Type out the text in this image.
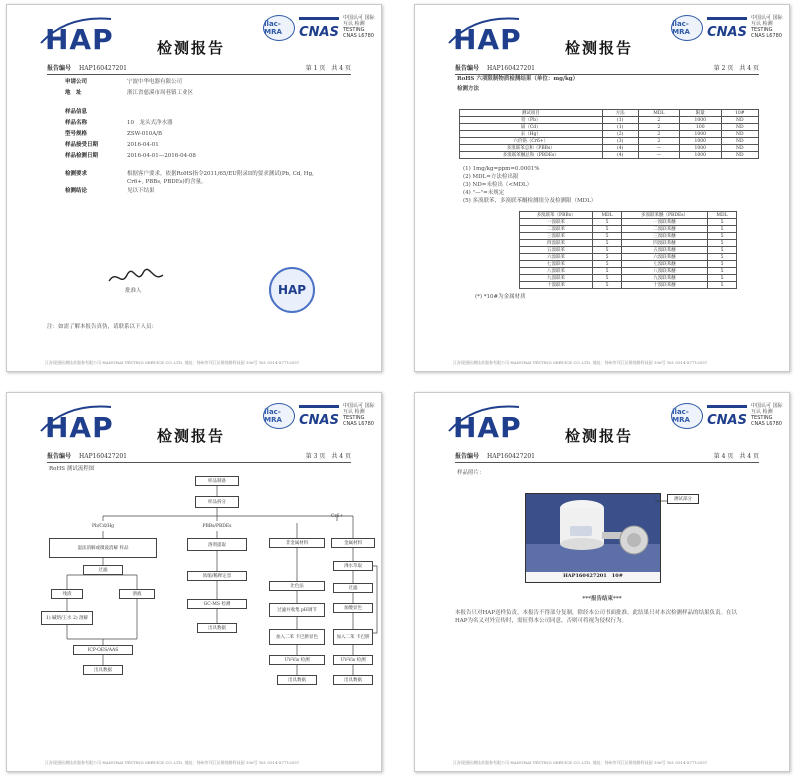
HAP	检测报告
ilac-MRA	CNAS
中国认可 国际互认 检测 TESTING CNAS L6780
报告编号 HAP160427201	第 1 页　共 4 页
申请公司	宁波中华电器有限公司
地　址	浙江省慈溪市周巷镇工业区
样品信息
样品名称	10　龙头式净水器
型号规格	ZSW-010A/B
样品接受日期	2016-04-01
样品检测日期	2016-04-01—2016-04-08
检测要求	根据客户要求，依据RoHS指令2011/65/EU附录II的要求测试(Pb, Cd, Hg, Cr6+, PBBs, PBDEs)的含量。
检测结论	见以下结果
批准人	HAP
注：如需了解本报告真伪，请联系以下人员：
江苏现通检测技术服务有限公司 HANGHAI TESTING SERVICE CO.,LTD. 地址：扬州市邗江区维扬路科技园 106号 Tel: 0514-87712057
HAP	检测报告
ilac-MRA	CNAS
中国认可 国际互认 检测 TESTING CNAS L6780
报告编号 HAP160427201	第 2 页　共 4 页
RoHS 六项限制物质检测结果（单位：mg/kg）
检测方法
测试项目	方法	MDL	限量	10#
铅（Pb）	(1)	2	1000	ND
镉（Cd）	(1)	2	100	ND
汞（Hg）	(2)	2	1000	ND
六价铬（Cr6+）	(3)	2	1000	ND
多溴联苯总和（PBBs）	(4)	—	1000	ND
多溴联苯醚总和（PBDEs）	(4)	—	1000	ND
(1) 1mg/kg=ppm=0.0001%
(2) MDL=方法检出限
(3) ND=未检出（<MDL）
(4) "—"=未规定
(5) 多溴联苯、多溴联苯醚检测组分及检测限（MDL）
多溴联苯（PBBs）	MDL	多溴联苯醚（PBDEs）	MDL
一溴联苯	5	一溴联苯醚	5
二溴联苯	5	二溴联苯醚	5
三溴联苯	5	三溴联苯醚	5
四溴联苯	5	四溴联苯醚	5
五溴联苯	5	五溴联苯醚	5
六溴联苯	5	六溴联苯醚	5
七溴联苯	5	七溴联苯醚	5
八溴联苯	5	八溴联苯醚	5
九溴联苯	5	九溴联苯醚	5
十溴联苯	5	十溴联苯醚	5
(*) *10#为金属材质
江苏现通检测技术服务有限公司 HANGHAI TESTING SERVICE CO.,LTD. 地址：扬州市邗江区维扬路科技园 106号 Tel: 0514-87712057
HAP	检测报告
ilac-MRA	CNAS
中国认可 国际互认 检测 TESTING CNAS L6780
报告编号 HAP160427201	第 3 页　共 4 页
RoHS 测试流程图
样品制备
样品拆分
Pb/Cd/Hg	PBBs/PBDEs
Cr6+
湿法消解或微波消解 样品
溶剂提取	非金属材料	金属材料
过滤
浓缩/稀释定容
比色法
沸水萃取
残渣	溶液
过滤
加酸显色
1) 碱熔/王水 2) 溶解
ICP-OES/AAS
GC-MS 检测
过滤并收集 pH调节
加入二苯 卡巴肼显色
UV-Vis 检测
加入二苯 卡巴肼
UV-Vis 检测
出具数据
出具数据
出具数据	出具数据
江苏现通检测技术服务有限公司 HANGHAI TESTING SERVICE CO.,LTD. 地址：扬州市邗江区维扬路科技园 106号 Tel: 0514-87712057
HAP	检测报告
ilac-MRA	CNAS
中国认可 国际互认 检测 TESTING CNAS L6780
报告编号 HAP160427201	第 4 页　共 4 页
样品照片：
HAP160427201　10#
测试部分
***报告结束***
本报告只对HAP送样负责。本报告不得部分复制，除经本公司书面批准。此结果只对本次检测样品的结果负责。在以HAP为名义对外宣传时，需征得本公司同意，否则可将视为侵权行为。
江苏现通检测技术服务有限公司 HANGHAI TESTING SERVICE CO.,LTD. 地址：扬州市邗江区维扬路科技园 106号 Tel: 0514-87712057
